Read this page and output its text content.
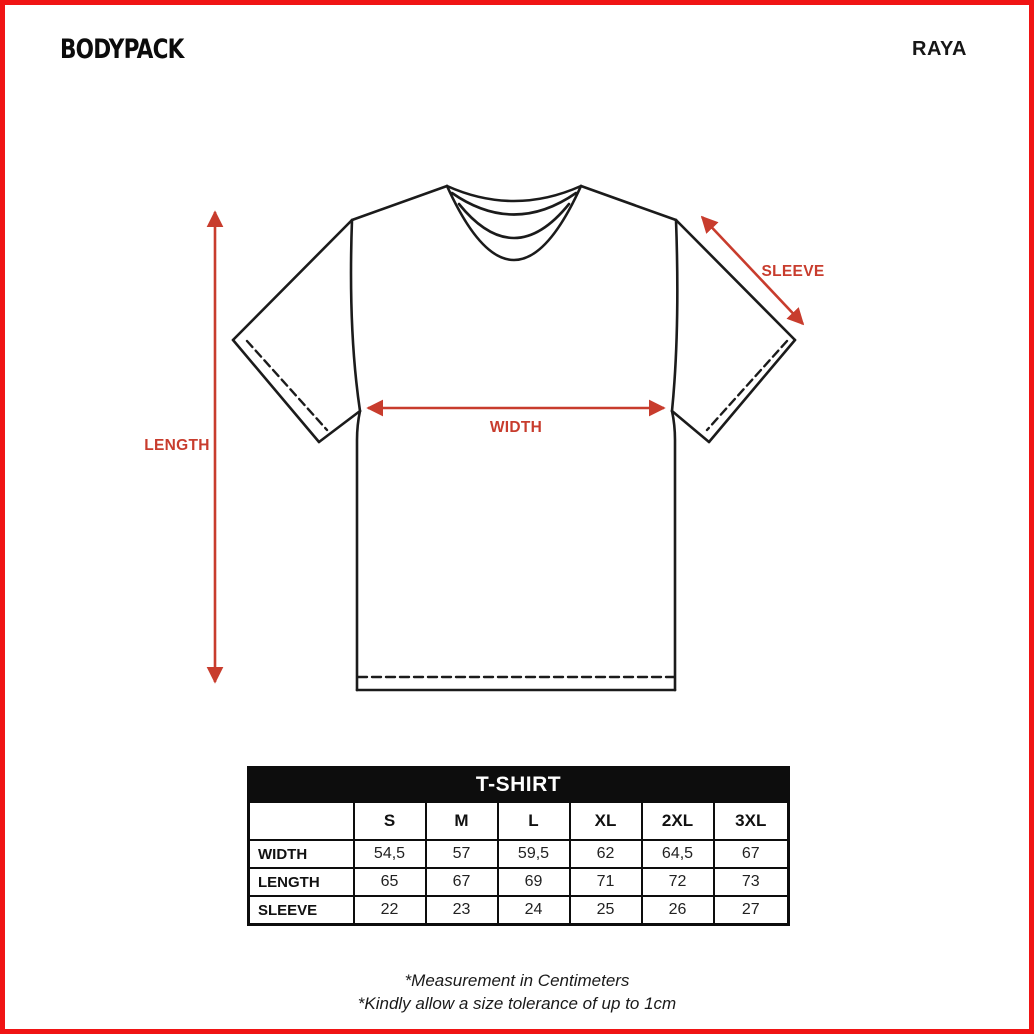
BODYPACK	RAYA
LENGTH
WIDTH
SLEEVE
T-SHIRT						
	S	M	L	XL	2XL	3XL
WIDTH	54,5	57	59,5	62	64,5	67
LENGTH	65	67	69	71	72	73
SLEEVE	22	23	24	25	26	27
*Measurement in Centimeters
*Kindly allow a size tolerance of up to 1cm
